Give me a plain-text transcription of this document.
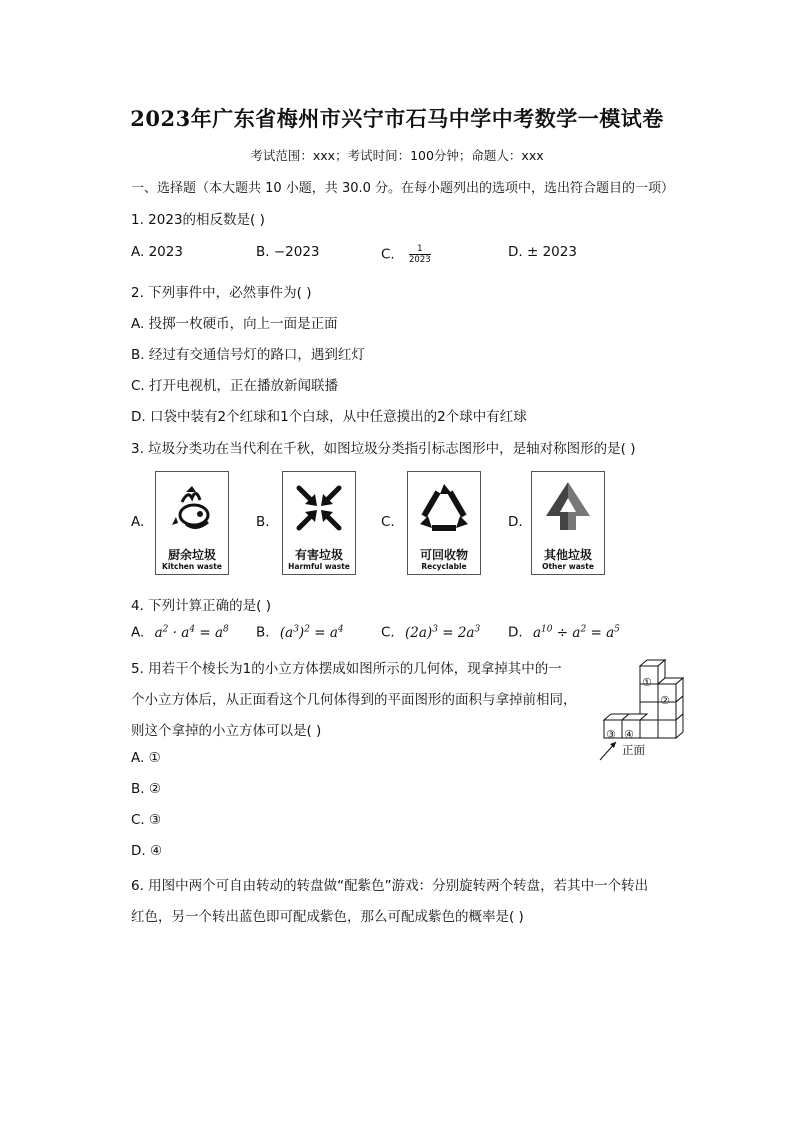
2023年广东省梅州市兴宁市石马中学中考数学一模试卷
考试范围：xxx；考试时间：100分钟；命题人：xxx
一、选择题（本大题共 10 小题，共 30.0 分。在每小题列出的选项中，选出符合题目的一项）
1. 2023的相反数是( )
A. 2023	B. −2023	C. $\frac{1}{2023}$	D. ± 2023
2. 下列事件中，必然事件为( )
A. 投掷一枚硬币，向上一面是正面
B. 经过有交通信号灯的路口，遇到红灯
C. 打开电视机，正在播放新闻联播
D. 口袋中装有2个红球和1个白球，从中任意摸出的2个球中有红球
3. 垃圾分类功在当代利在千秋，如图垃圾分类指引标志图形中，是轴对称图形的是( )
A.
厨余垃圾
Kitchen waste
B.
有害垃圾
Harmful waste
C.
可回收物
Recyclable
D.
其他垃圾
Other waste
4. 下列计算正确的是( )
A. $a^2 \cdot a^4 = a^8$ B. $(a^3)^2 = a^4$	C. $(2a)^3 = 2a^3$ D. $a^{10} \div a^2 = a^5$
5. 用若干个棱长为1的小立方体摆成如图所示的几何体，现拿掉其中的一
个小立方体后，从正面看这个几何体得到的平面图形的面积与拿掉前相同，
则这个拿掉的小立方体可以是( )
A. ①
B. ②
C. ③
D. ④
①
②
③ ④
正面
6. 用图中两个可自由转动的转盘做“配紫色”游戏：分别旋转两个转盘，若其中一个转出
红色，另一个转出蓝色即可配成紫色，那么可配成紫色的概率是( )
